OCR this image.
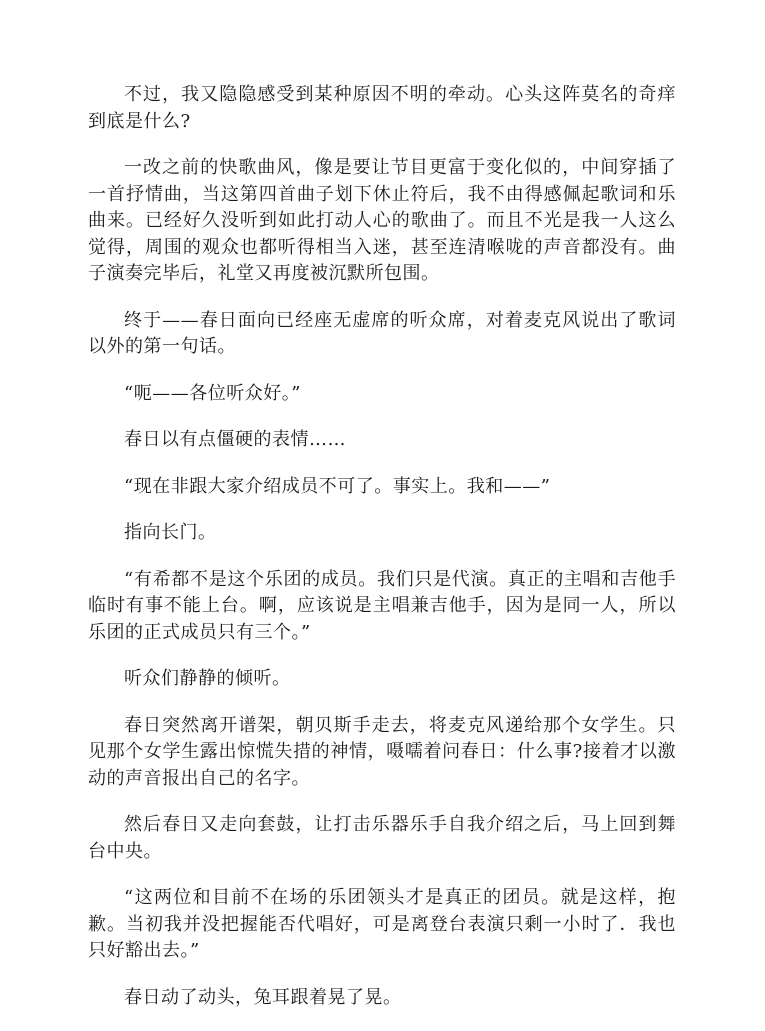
不过，我又隐隐感受到某种原因不明的牵动。心头这阵莫名的奇痒到底是什么?

一改之前的快歌曲风，像是要让节目更富于变化似的，中间穿插了一首抒情曲，当这第四首曲子划下休止符后，我不由得感佩起歌词和乐曲来。已经好久没听到如此打动人心的歌曲了。而且不光是我一人这么觉得，周围的观众也都听得相当入迷，甚至连清喉咙的声音都没有。曲子演奏完毕后，礼堂又再度被沉默所包围。

终于——春日面向已经座无虚席的听众席，对着麦克风说出了歌词以外的第一句话。

“呃——各位听众好。”

春日以有点僵硬的表情……

“现在非跟大家介绍成员不可了。事实上。我和——”

指向长门。

“有希都不是这个乐团的成员。我们只是代演。真正的主唱和吉他手临时有事不能上台。啊，应该说是主唱兼吉他手，因为是同一人，所以乐团的正式成员只有三个。”

听众们静静的倾听。

春日突然离开谱架，朝贝斯手走去，将麦克风递给那个女学生。只见那个女学生露出惊慌失措的神情，嗫嚅着问春日：什么事?接着才以激动的声音报出自己的名字。

然后春日又走向套鼓，让打击乐器乐手自我介绍之后，马上回到舞台中央。

“这两位和目前不在场的乐团领头才是真正的团员。就是这样，抱歉。当初我并没把握能否代唱好，可是离登台表演只剩一小时了．我也只好豁出去。”

春日动了动头，兔耳跟着晃了晃。
